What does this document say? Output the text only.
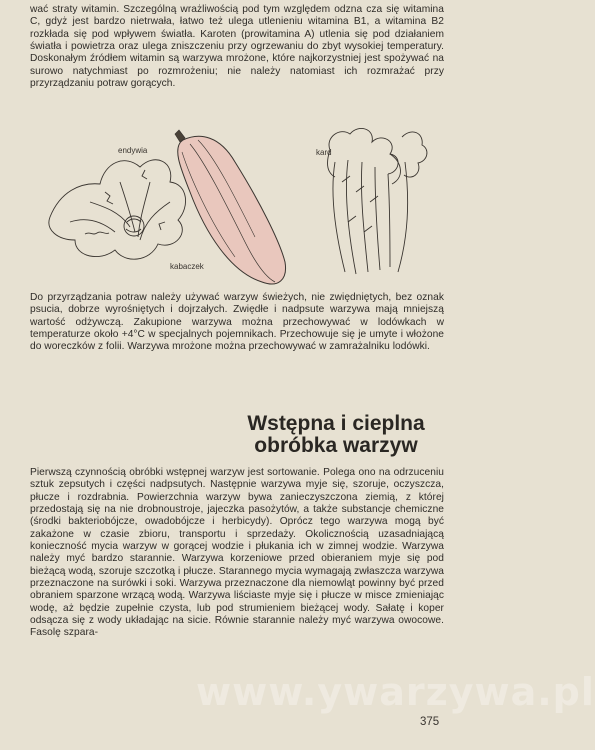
wać straty witamin. Szczególną wrażliwością pod tym względem odzna cza się witamina C, gdyż jest bardzo nietrwała, łatwo też ulega utlenieniu witamina B1, a witamina B2 rozkłada się pod wpływem światła. Karoten (prowitamina A) utlenia się pod działaniem światła i powietrza oraz ulega zniszczeniu przy ogrzewaniu do zbyt wysokiej temperatury. Doskonałym źródłem witamin są warzywa mrożone, które najkorzystniej jest spożywać na surowo natychmiast po rozmrożeniu; nie należy natomiast ich rozmrażać przy przyrządzaniu potraw gorących.

endywia
kabaczek
kard

Do przyrządzania potraw należy używać warzyw świeżych, nie zwiędniętych, bez oznak psucia, dobrze wyrośniętych i dojrzałych. Zwiędłe i nadpsute warzywa mają mniejszą wartość odżywczą. Zakupione warzywa można przechowywać w lodówkach w temperaturze około +4°C w specjalnych pojemnikach. Przechowuje się je umyte i włożone do woreczków z folii. Warzywa mrożone można przechowywać w zamrażalniku lodówki.

Wstępna i cieplna
obróbka warzyw

Pierwszą czynnością obróbki wstępnej warzyw jest sortowanie. Polega ono na odrzuceniu sztuk zepsutych i części nadpsutych. Następnie warzywa myje się, szoruje, oczyszcza, płucze i rozdrabnia. Powierzchnia warzyw bywa zanieczyszczona ziemią, z której przedostają się na nie drobnoustroje, jajeczka pasożytów, a także substancje chemiczne (środki bakteriobójcze, owadobójcze i herbicydy). Oprócz tego warzywa mogą być zakażone w czasie zbioru, transportu i sprzedaży. Okolicznością uzasadniającą konieczność mycia warzyw w gorącej wodzie i płukania ich w zimnej wodzie. Warzywa należy myć bardzo starannie. Warzywa korzeniowe przed obieraniem myje się pod bieżącą wodą, szoruje szczotką i płucze. Starannego mycia wymagają zwłaszcza warzywa przeznaczone na surówki i soki. Warzywa przeznaczone dla niemowląt powinny być przed obraniem sparzone wrzącą wodą. Warzywa liściaste myje się i płucze w misce zmieniając wodę, aż będzie zupełnie czysta, lub pod strumieniem bieżącej wody. Sałatę i koper odsącza się z wody układając na sicie. Równie starannie należy myć warzywa owocowe. Fasolę szpara-

www.ywarzywa.pl
375
